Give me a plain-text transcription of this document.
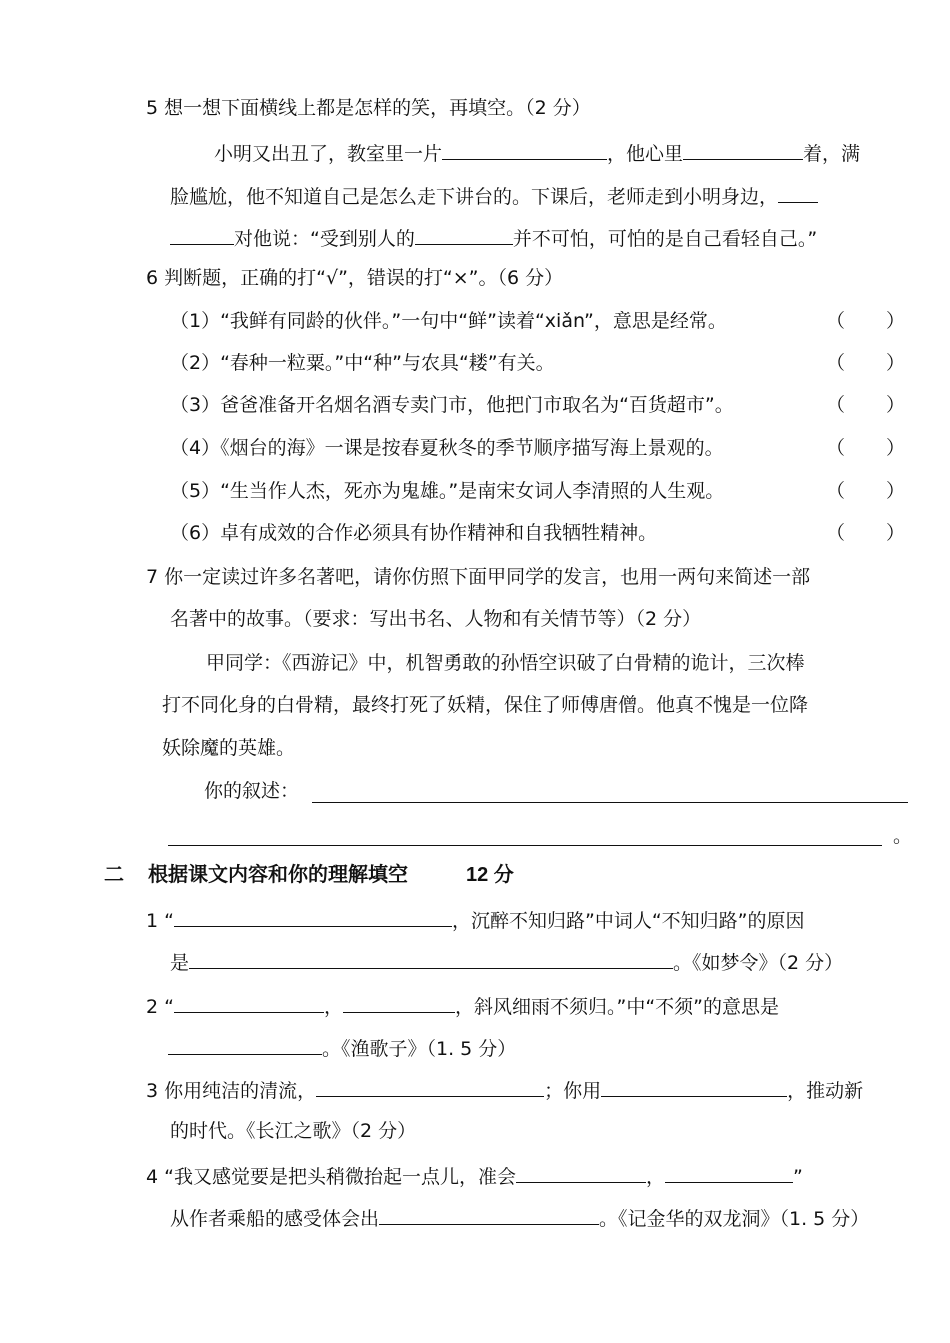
5 想一想下面横线上都是怎样的笑，再填空。（2 分）
小明又出丑了，教室里一片	，他心里	着，满
脸尴尬，他不知道自己是怎么走下讲台的。下课后，老师走到小明身边，
对他说：“受到别人的	并不可怕，可怕的是自己看轻自己。”
6 判断题，正确的打“√”，错误的打“×”。（6 分）
（1）“我鲜有同龄的伙伴。”一句中“鲜”读着“xiǎn”，意思是经常。	（ ）
（2）“春种一粒粟。”中“种”与农具“耧”有关。	（ ）
（3）爸爸准备开名烟名酒专卖门市，他把门市取名为“百货超市”。	（ ）
（4）《烟台的海》一课是按春夏秋冬的季节顺序描写海上景观的。	（ ）
（5）“生当作人杰，死亦为鬼雄。”是南宋女词人李清照的人生观。	（ ）
（6）卓有成效的合作必须具有协作精神和自我牺牲精神。	（ ）
7 你一定读过许多名著吧，请你仿照下面甲同学的发言，也用一两句来简述一部
名著中的故事。（要求：写出书名、人物和有关情节等）（2 分）
甲同学：《西游记》中，机智勇敢的孙悟空识破了白骨精的诡计，三次棒
打不同化身的白骨精，最终打死了妖精，保住了师傅唐僧。他真不愧是一位降
妖除魔的英雄。
你的叙述：
。
二 根据课文内容和你的理解填空	12 分
1 “	，沉醉不知归路”中词人“不知归路”的原因
是	。《如梦令》（2 分）
2 “	，	，斜风细雨不须归。”中“不须”的意思是
。《渔歌子》（1. 5 分）
3 你用纯洁的清流，	；你用	，推动新
的时代。《长江之歌》（2 分）
4 “我又感觉要是把头稍微抬起一点儿，准会	，	”
从作者乘船的感受体会出	。《记金华的双龙洞》（1. 5 分）
